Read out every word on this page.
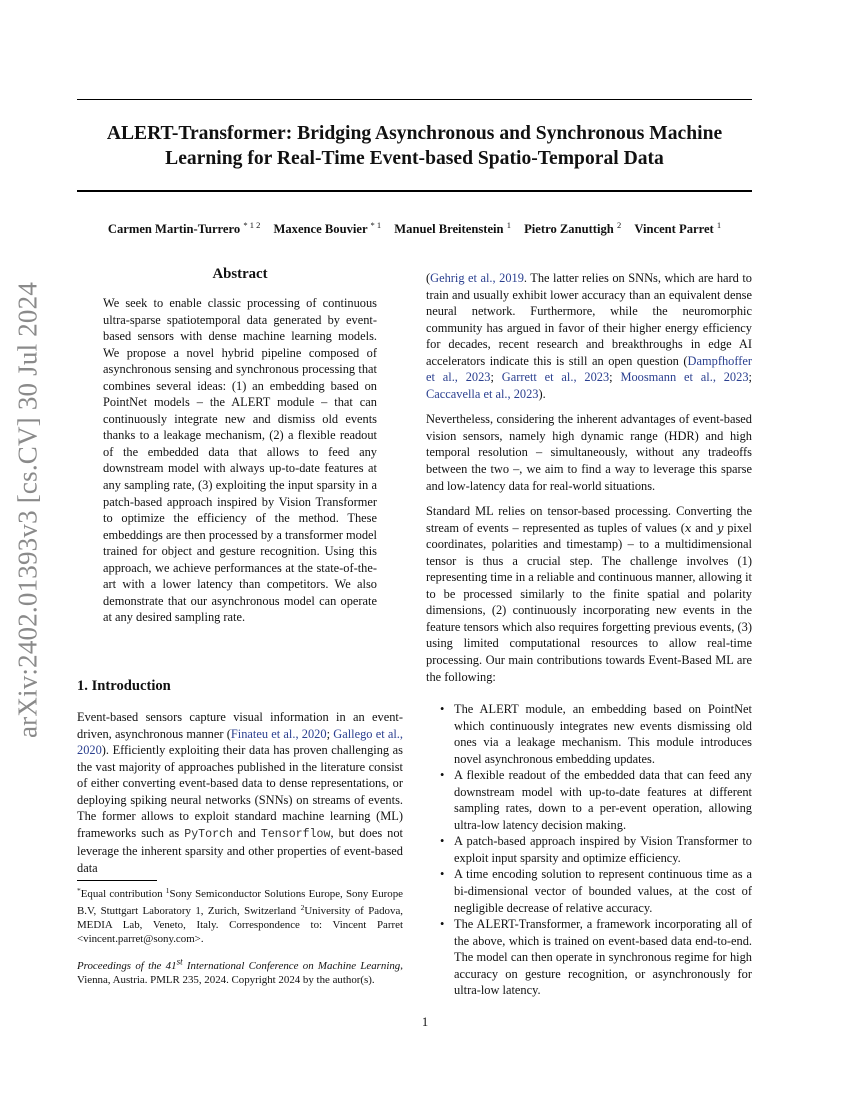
ALERT-Transformer: Bridging Asynchronous and Synchronous Machine
Learning for Real-Time Event-based Spatio-Temporal Data
Carmen Martin-Turrero $^{* 1 2}$ Maxence Bouvier $^{* 1}$ Manuel Breitenstein $^1$ Pietro Zanuttigh $^2$ Vincent Parret $^1$
arXiv:2402.01393v3 [cs.CV] 30 Jul 2024
Abstract
We seek to enable classic processing of continuous ultra-sparse spatiotemporal data generated by event-based sensors with dense machine learning models. We propose a novel hybrid pipeline composed of asynchronous sensing and synchronous processing that combines several ideas: (1) an embedding based on PointNet models – the ALERT module – that can continuously integrate new and dismiss old events thanks to a leakage mechanism, (2) a flexible readout of the embedded data that allows to feed any downstream model with always up-to-date features at any sampling rate, (3) exploiting the input sparsity in a patch-based approach inspired by Vision Transformer to optimize the efficiency of the method. These embeddings are then processed by a transformer model trained for object and gesture recognition. Using this approach, we achieve performances at the state-of-the-art with a lower latency than competitors. We also demonstrate that our asynchronous model can operate at any desired sampling rate.
1. Introduction
Event-based sensors capture visual information in an event-driven, asynchronous manner (Finateu et al., 2020; Gallego et al., 2020). Efficiently exploiting their data has proven challenging as the vast majority of approaches published in the literature consist of either converting event-based data to dense representations, or deploying spiking neural networks (SNNs) on streams of events. The former allows to exploit standard machine learning (ML) frameworks such as PyTorch and Tensorflow, but does not leverage the inherent sparsity and other properties of event-based data
*Equal contribution $^1$Sony Semiconductor Solutions Europe, Sony Europe B.V, Stuttgart Laboratory 1, Zurich, Switzerland $^2$University of Padova, MEDIA Lab, Veneto, Italy. Correspondence to: Vincent Parret <vincent.parret@sony.com>.
Proceedings of the 41st International Conference on Machine Learning, Vienna, Austria. PMLR 235, 2024. Copyright 2024 by the author(s).

(Gehrig et al., 2019. The latter relies on SNNs, which are hard to train and usually exhibit lower accuracy than an equivalent dense neural network. Furthermore, while the neuromorphic community has argued in favor of their higher energy efficiency for decades, recent research and breakthroughs in edge AI accelerators indicate this is still an open question (Dampfhoffer et al., 2023; Garrett et al., 2023; Moosmann et al., 2023; Caccavella et al., 2023).

Nevertheless, considering the inherent advantages of event-based vision sensors, namely high dynamic range (HDR) and high temporal resolution – simultaneously, without any tradeoffs between the two –, we aim to find a way to leverage this sparse and low-latency data for real-world situations.

Standard ML relies on tensor-based processing. Converting the stream of events – represented as tuples of values (x and y pixel coordinates, polarities and timestamp) – to a multidimensional tensor is thus a crucial step. The challenge involves (1) representing time in a reliable and continuous manner, allowing it to be processed similarly to the finite spatial and polarity dimensions, (2) continuously incorporating new events in the feature tensors which also requires forgetting previous events, (3) using limited computational resources to allow real-time processing. Our main contributions towards Event-Based ML are the following:

• The ALERT module, an embedding based on PointNet which continuously integrates new events dismissing old ones via a leakage mechanism. This module introduces novel asynchronous embedding updates.
• A flexible readout of the embedded data that can feed any downstream model with up-to-date features at different sampling rates, down to a per-event operation, allowing ultra-low latency decision making.
• A patch-based approach inspired by Vision Transformer to exploit input sparsity and optimize efficiency.
• A time encoding solution to represent continuous time as a bi-dimensional vector of bounded values, at the cost of negligible decrease of relative accuracy.
• The ALERT-Transformer, a framework incorporating all of the above, which is trained on event-based data end-to-end. The model can then operate in synchronous regime for high accuracy on gesture recognition, or asynchronously for ultra-low latency.
1
